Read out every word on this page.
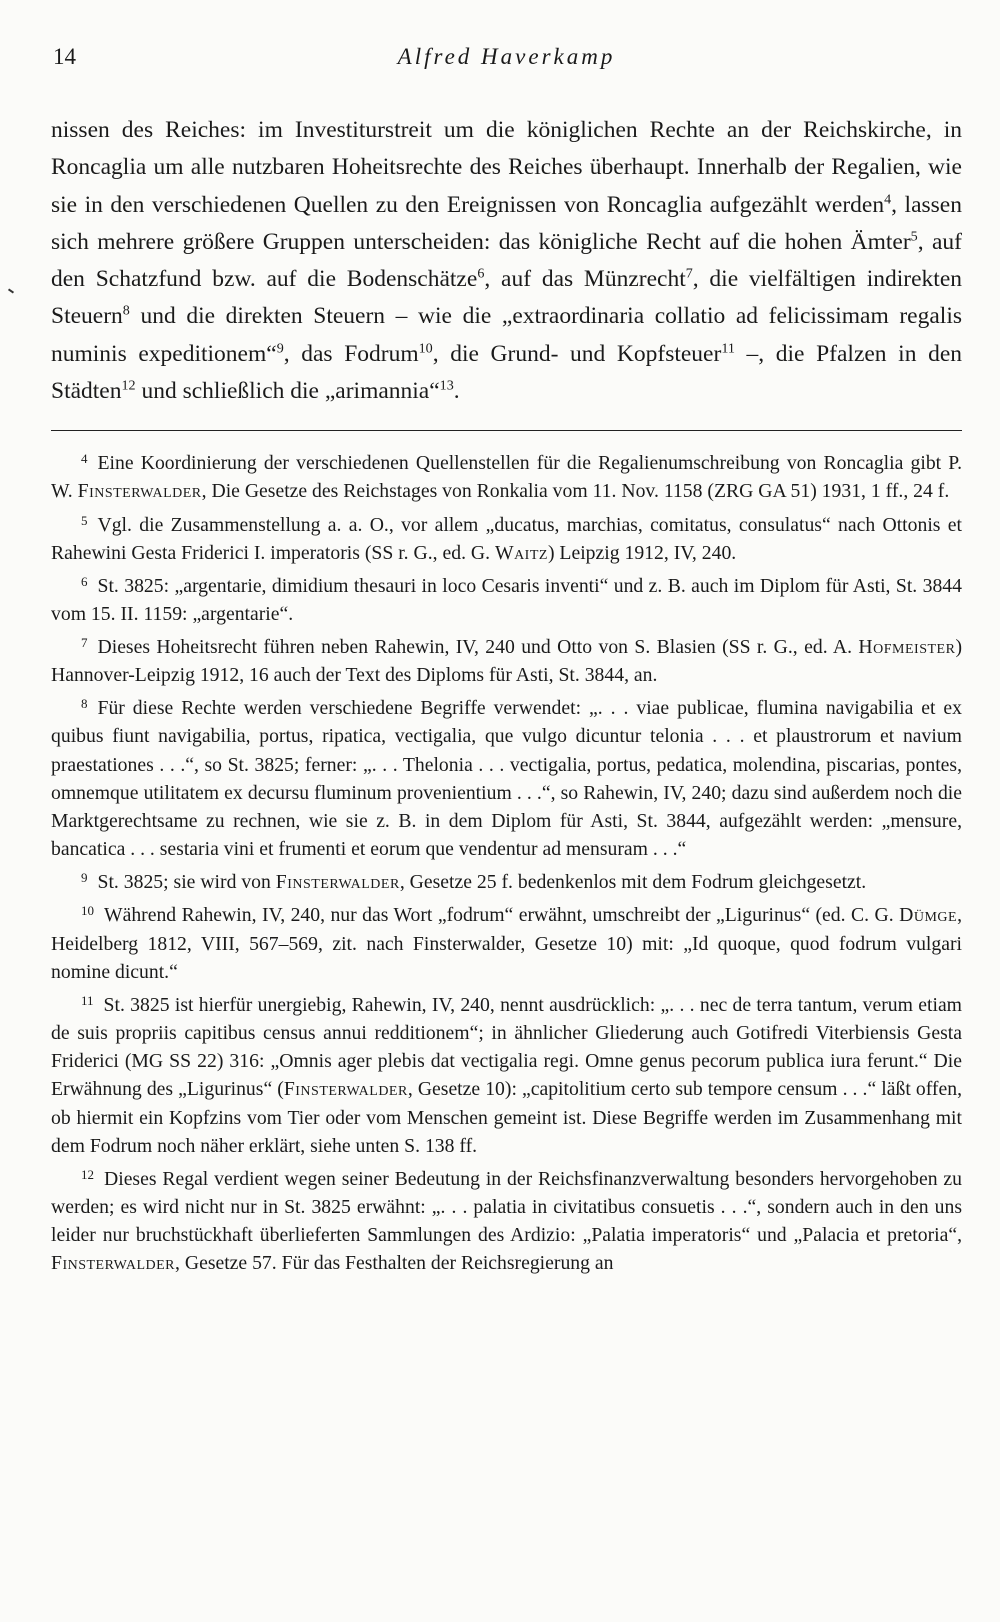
14	Alfred Haverkamp

nissen des Reiches: im Investiturstreit um die königlichen Rechte an der Reichskirche, in Roncaglia um alle nutzbaren Hoheitsrechte des Reiches überhaupt. Innerhalb der Regalien, wie sie in den verschiedenen Quellen zu den Ereignissen von Roncaglia aufgezählt werden$^4$, lassen sich mehrere größere Gruppen unterscheiden: das königliche Recht auf die hohen Ämter$^5$, auf den Schatzfund bzw. auf die Bodenschätze$^6$, auf das Münzrecht$^7$, die vielfältigen indirekten Steuern$^8$ und die direkten Steuern – wie die „extraordinaria collatio ad felicissimam regalis numinis expeditionem“$^9$, das Fodrum$^{10}$, die Grund- und Kopfsteuer$^{11}$ –, die Pfalzen in den Städten$^{12}$ und schließlich die „arimannia“$^{13}$.

4 Eine Koordinierung der verschiedenen Quellenstellen für die Regalienumschreibung von Roncaglia gibt P. W. Finsterwalder, Die Gesetze des Reichstages von Ronkalia vom 11. Nov. 1158 (ZRG GA 51) 1931, 1 ff., 24 f.

5 Vgl. die Zusammenstellung a. a. O., vor allem „ducatus, marchias, comitatus, consulatus“ nach Ottonis et Rahewini Gesta Friderici I. imperatoris (SS r. G., ed. G. Waitz) Leipzig 1912, IV, 240.

6 St. 3825: „argentarie, dimidium thesauri in loco Cesaris inventi“ und z. B. auch im Diplom für Asti, St. 3844 vom 15. II. 1159: „argentarie“.

7 Dieses Hoheitsrecht führen neben Rahewin, IV, 240 und Otto von S. Blasien (SS r. G., ed. A. Hofmeister) Hannover-Leipzig 1912, 16 auch der Text des Diploms für Asti, St. 3844, an.

8 Für diese Rechte werden verschiedene Begriffe verwendet: „. . . viae publicae, flumina navigabilia et ex quibus fiunt navigabilia, portus, ripatica, vectigalia, que vulgo dicuntur telonia . . . et plaustrorum et navium praestationes . . .“, so St. 3825; ferner: „. . . Thelonia . . . vectigalia, portus, pedatica, molendina, piscarias, pontes, omnemque utilitatem ex decursu fluminum provenientium . . .“, so Rahewin, IV, 240; dazu sind außerdem noch die Marktgerechtsame zu rechnen, wie sie z. B. in dem Diplom für Asti, St. 3844, aufgezählt werden: „mensure, bancatica . . . sestaria vini et frumenti et eorum que vendentur ad mensuram . . .“

9 St. 3825; sie wird von Finsterwalder, Gesetze 25 f. bedenkenlos mit dem Fodrum gleichgesetzt.

10 Während Rahewin, IV, 240, nur das Wort „fodrum“ erwähnt, umschreibt der „Ligurinus“ (ed. C. G. Dümge, Heidelberg 1812, VIII, 567–569, zit. nach Finsterwalder, Gesetze 10) mit: „Id quoque, quod fodrum vulgari nomine dicunt.“

11 St. 3825 ist hierfür unergiebig, Rahewin, IV, 240, nennt ausdrücklich: „. . . nec de terra tantum, verum etiam de suis propriis capitibus census annui redditionem“; in ähnlicher Gliederung auch Gotifredi Viterbiensis Gesta Friderici (MG SS 22) 316: „Omnis ager plebis dat vectigalia regi. Omne genus pecorum publica iura ferunt.“ Die Erwähnung des „Ligurinus“ (Finsterwalder, Gesetze 10): „capitolitium certo sub tempore censum . . .“ läßt offen, ob hiermit ein Kopfzins vom Tier oder vom Menschen gemeint ist. Diese Begriffe werden im Zusammenhang mit dem Fodrum noch näher erklärt, siehe unten S. 138 ff.

12 Dieses Regal verdient wegen seiner Bedeutung in der Reichsfinanzverwaltung besonders hervorgehoben zu werden; es wird nicht nur in St. 3825 erwähnt: „. . . palatia in civitatibus consuetis . . .“, sondern auch in den uns leider nur bruchstückhaft überlieferten Sammlungen des Ardizio: „Palatia imperatoris“ und „Palacia et pretoria“, Finsterwalder, Gesetze 57. Für das Festhalten der Reichsregierung an
